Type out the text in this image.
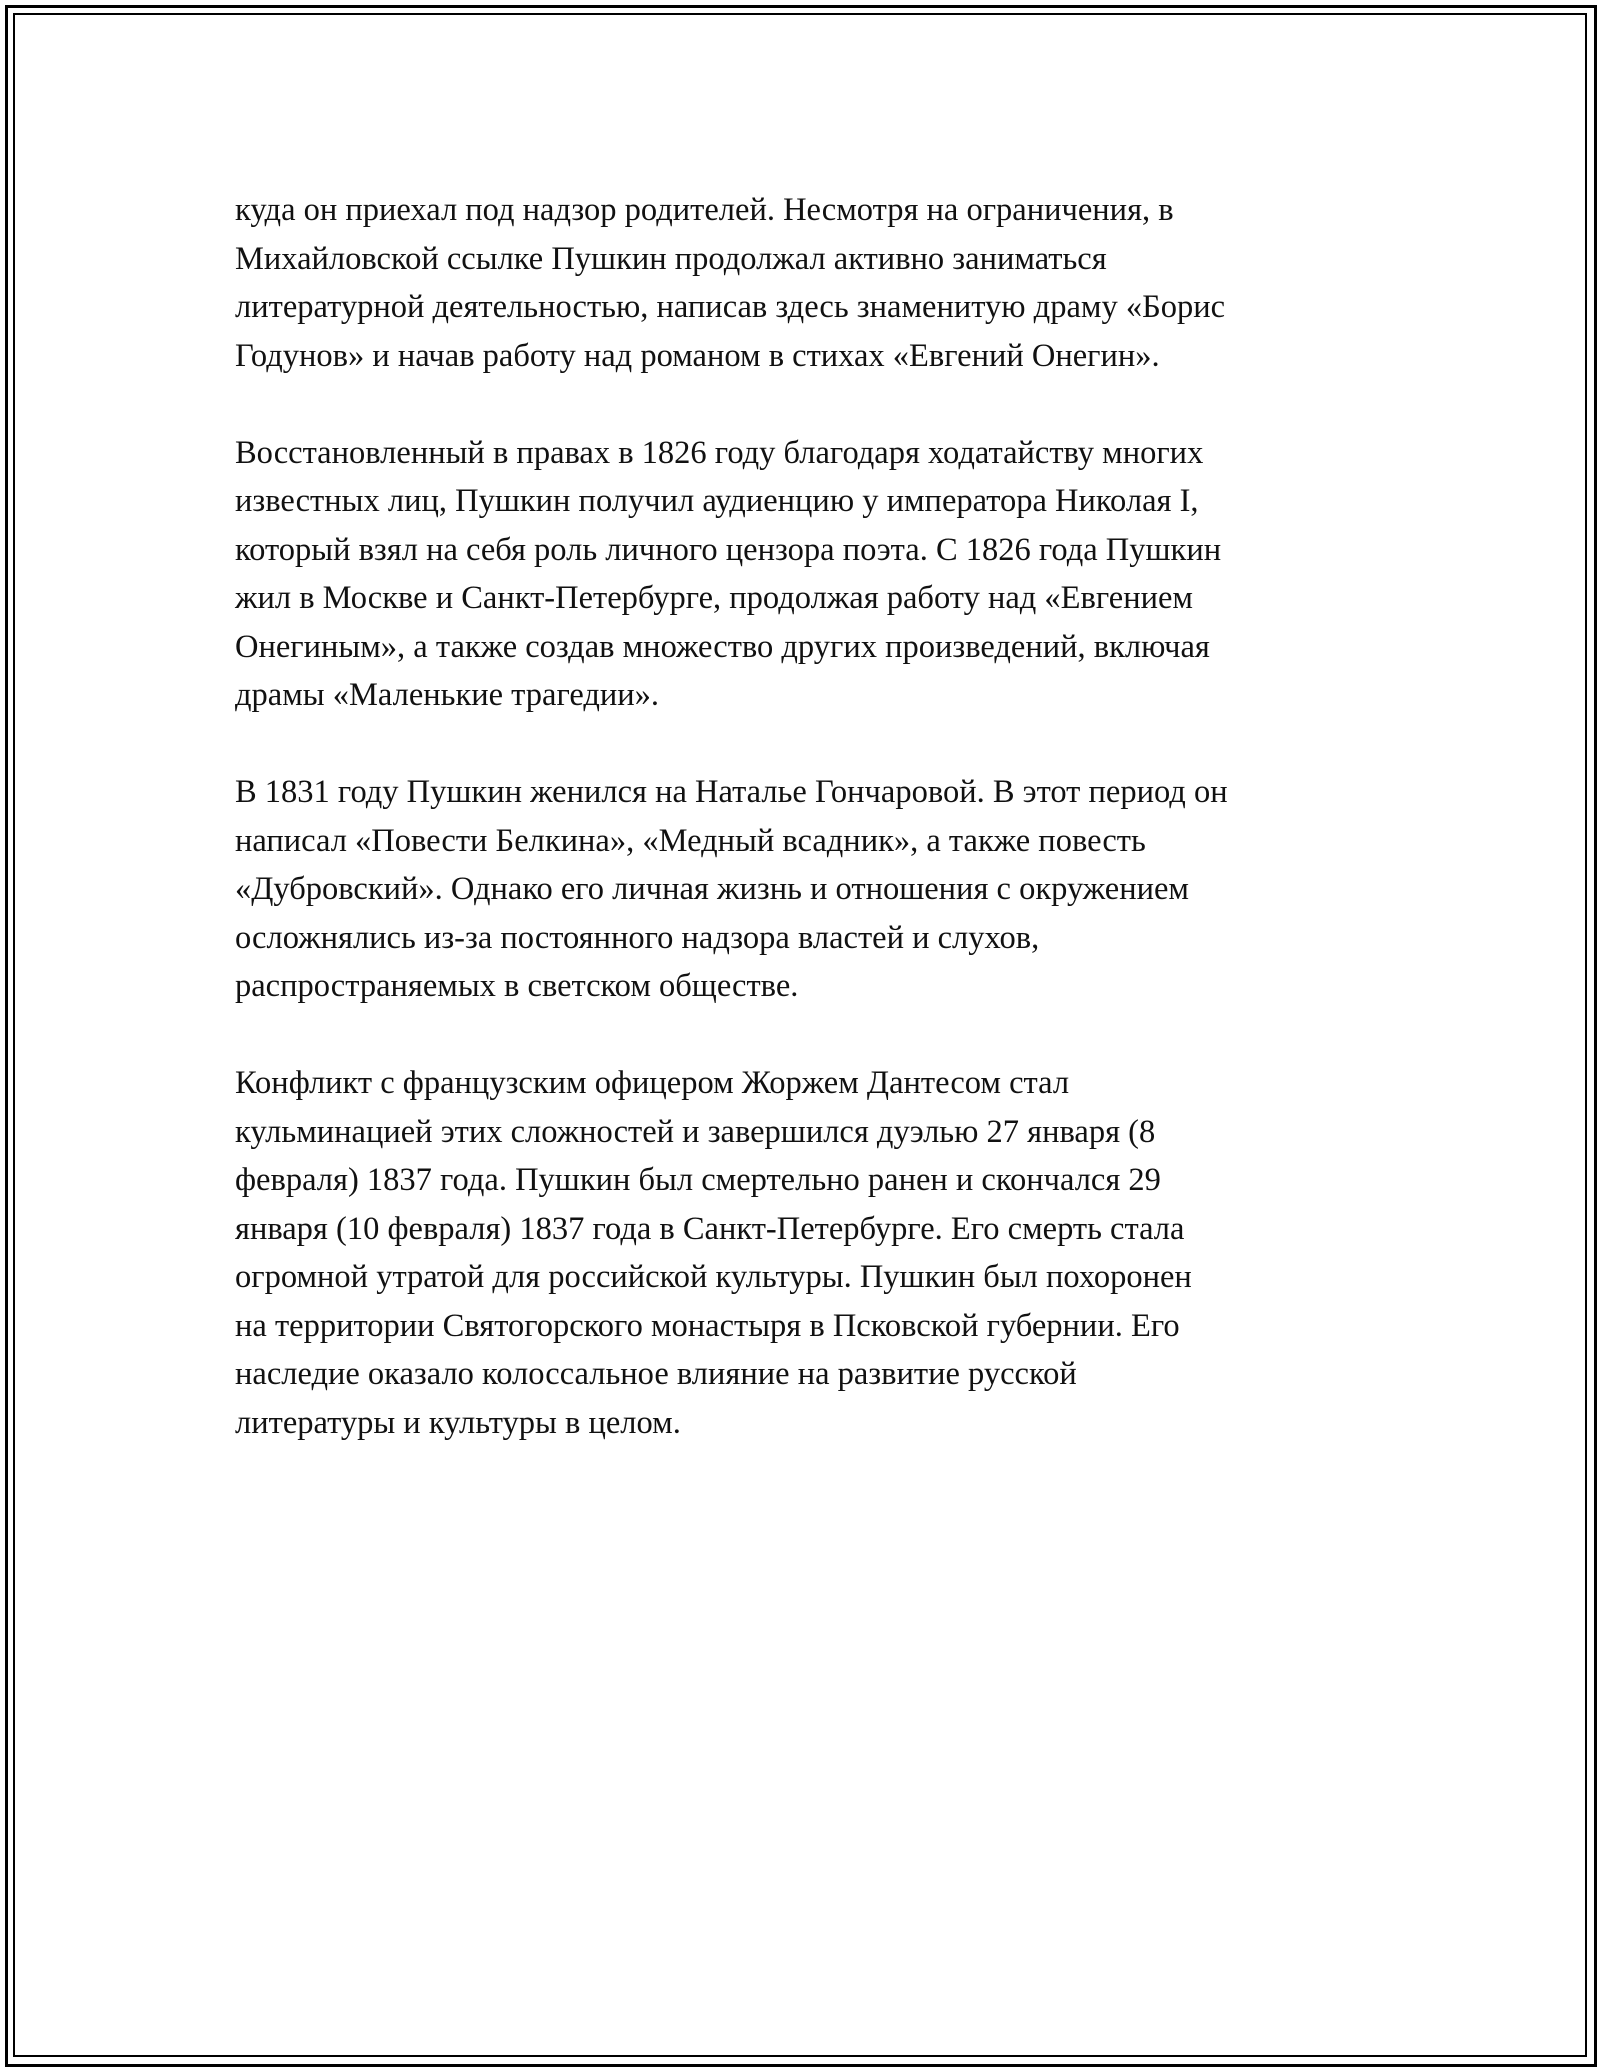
куда он приехал под надзор родителей. Несмотря на ограничения, в
Михайловской ссылке Пушкин продолжал активно заниматься
литературной деятельностью, написав здесь знаменитую драму «Борис
Годунов» и начав работу над романом в стихах «Евгений Онегин».

Восстановленный в правах в 1826 году благодаря ходатайству многих
известных лиц, Пушкин получил аудиенцию у императора Николая I,
который взял на себя роль личного цензора поэта. С 1826 года Пушкин
жил в Москве и Санкт-Петербурге, продолжая работу над «Евгением
Онегиным», а также создав множество других произведений, включая
драмы «Маленькие трагедии».

В 1831 году Пушкин женился на Наталье Гончаровой. В этот период он
написал «Повести Белкина», «Медный всадник», а также повесть
«Дубровский». Однако его личная жизнь и отношения с окружением
осложнялись из-за постоянного надзора властей и слухов,
распространяемых в светском обществе.

Конфликт с французским офицером Жоржем Дантесом стал
кульминацией этих сложностей и завершился дуэлью 27 января (8
февраля) 1837 года. Пушкин был смертельно ранен и скончался 29
января (10 февраля) 1837 года в Санкт-Петербурге. Его смерть стала
огромной утратой для российской культуры. Пушкин был похоронен
на территории Святогорского монастыря в Псковской губернии. Его
наследие оказало колоссальное влияние на развитие русской
литературы и культуры в целом.
